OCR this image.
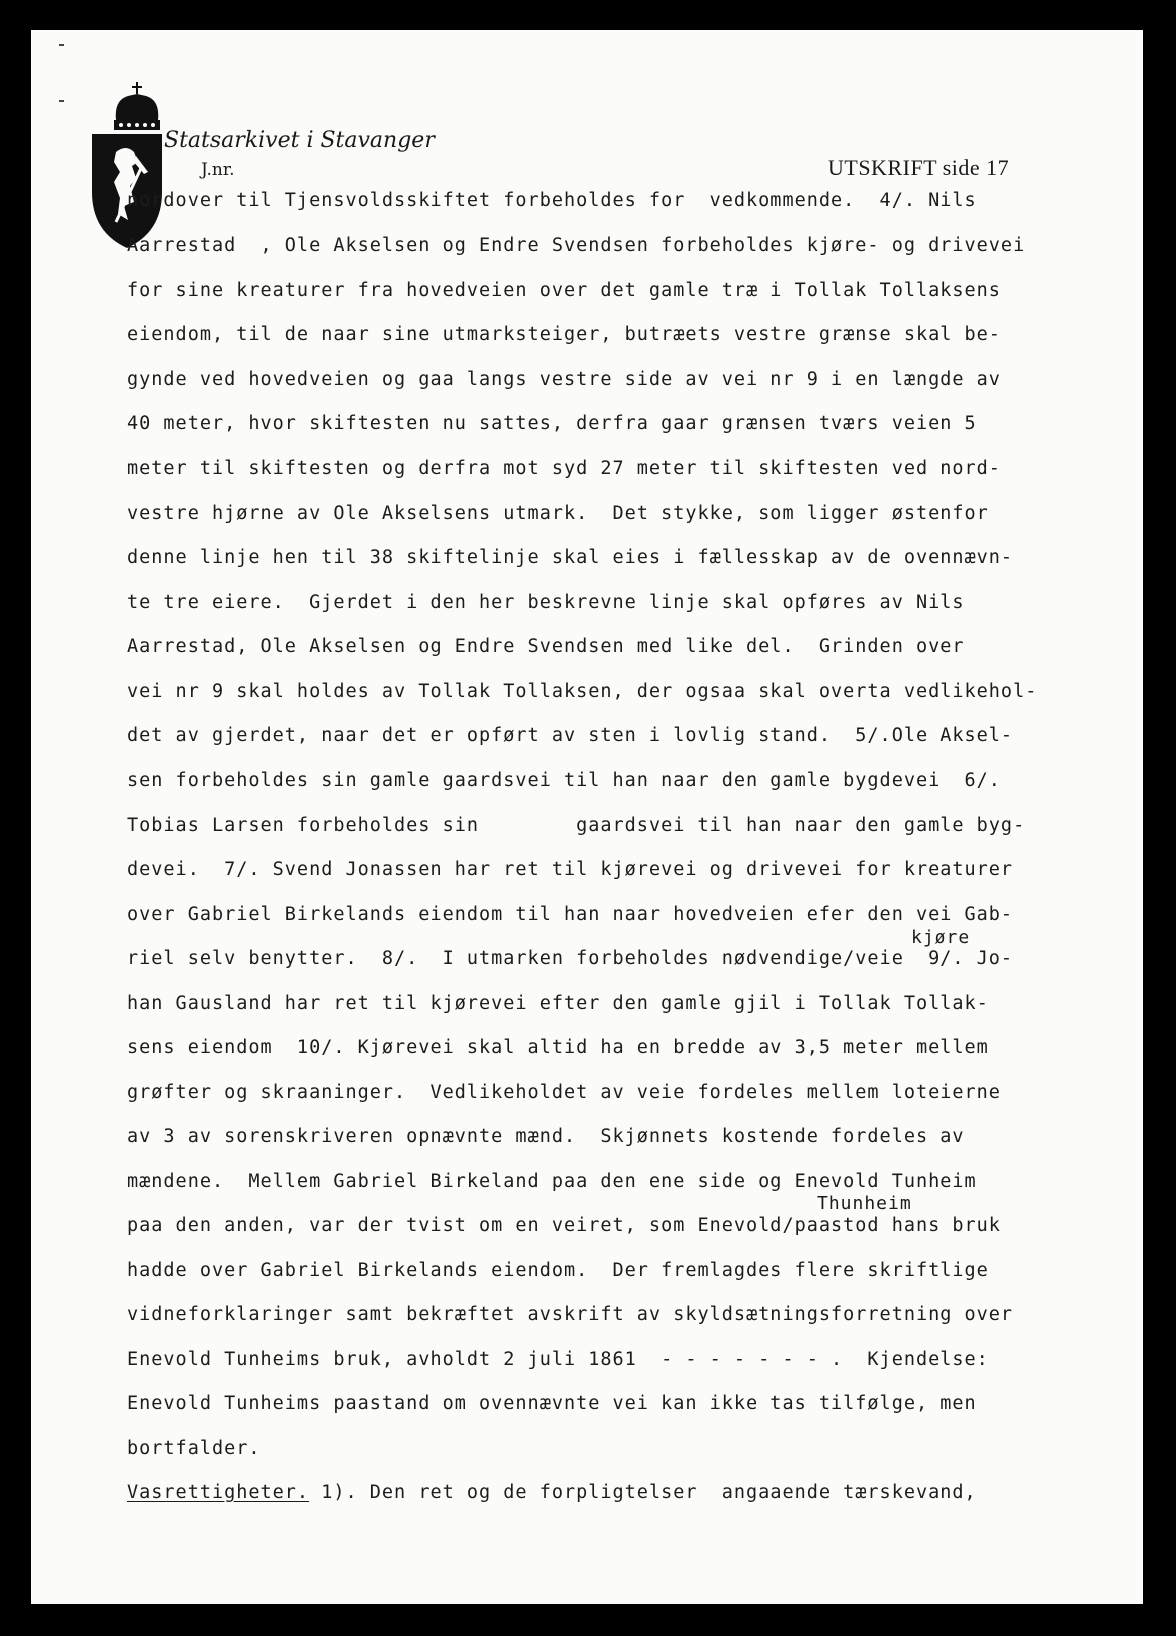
Statsarkivet i Stavanger
J.nr.	UTSKRIFT side 17
nordover til Tjensvoldsskiftet forbeholdes for  vedkommende.  4/. Nils
Aarrestad  , Ole Akselsen og Endre Svendsen forbeholdes kjøre- og drivevei
for sine kreaturer fra hovedveien over det gamle træ i Tollak Tollaksens
eiendom, til de naar sine utmarksteiger, butræets vestre grænse skal be-
gynde ved hovedveien og gaa langs vestre side av vei nr 9 i en længde av
40 meter, hvor skiftesten nu sattes, derfra gaar grænsen tværs veien 5
meter til skiftesten og derfra mot syd 27 meter til skiftesten ved nord-
vestre hjørne av Ole Akselsens utmark.  Det stykke, som ligger østenfor
denne linje hen til 38 skiftelinje skal eies i fællesskap av de ovennævn-
te tre eiere.  Gjerdet i den her beskrevne linje skal opføres av Nils
Aarrestad, Ole Akselsen og Endre Svendsen med like del.  Grinden over
vei nr 9 skal holdes av Tollak Tollaksen, der ogsaa skal overta vedlikehol-
det av gjerdet, naar det er opført av sten i lovlig stand.  5/.Ole Aksel-
sen forbeholdes sin gamle gaardsvei til han naar den gamle bygdevei  6/.
Tobias Larsen forbeholdes sin        gaardsvei til han naar den gamle byg-
devei.  7/. Svend Jonassen har ret til kjørevei og drivevei for kreaturer
over Gabriel Birkelands eiendom til han naar hovedveien efer den vei Gab-
kjøre
riel selv benytter.  8/.  I utmarken forbeholdes nødvendige/veie  9/. Jo-
han Gausland har ret til kjørevei efter den gamle gjil i Tollak Tollak-
sens eiendom  10/. Kjørevei skal altid ha en bredde av 3,5 meter mellem
grøfter og skraaninger.  Vedlikeholdet av veie fordeles mellem loteierne
av 3 av sorenskriveren opnævnte mænd.  Skjønnets kostende fordeles av
mændene.  Mellem Gabriel Birkeland paa den ene side og Enevold Tunheim
Thunheim
paa den anden, var der tvist om en veiret, som Enevold/paastod hans bruk
hadde over Gabriel Birkelands eiendom.  Der fremlagdes flere skriftlige
vidneforklaringer samt bekræftet avskrift av skyldsætningsforretning over
Enevold Tunheims bruk, avholdt 2 juli 1861  - - - - - - - .  Kjendelse:
Enevold Tunheims paastand om ovennævnte vei kan ikke tas tilfølge, men
bortfalder.
Vasrettigheter. 1). Den ret og de forpligtelser  angaaende tærskevand,
